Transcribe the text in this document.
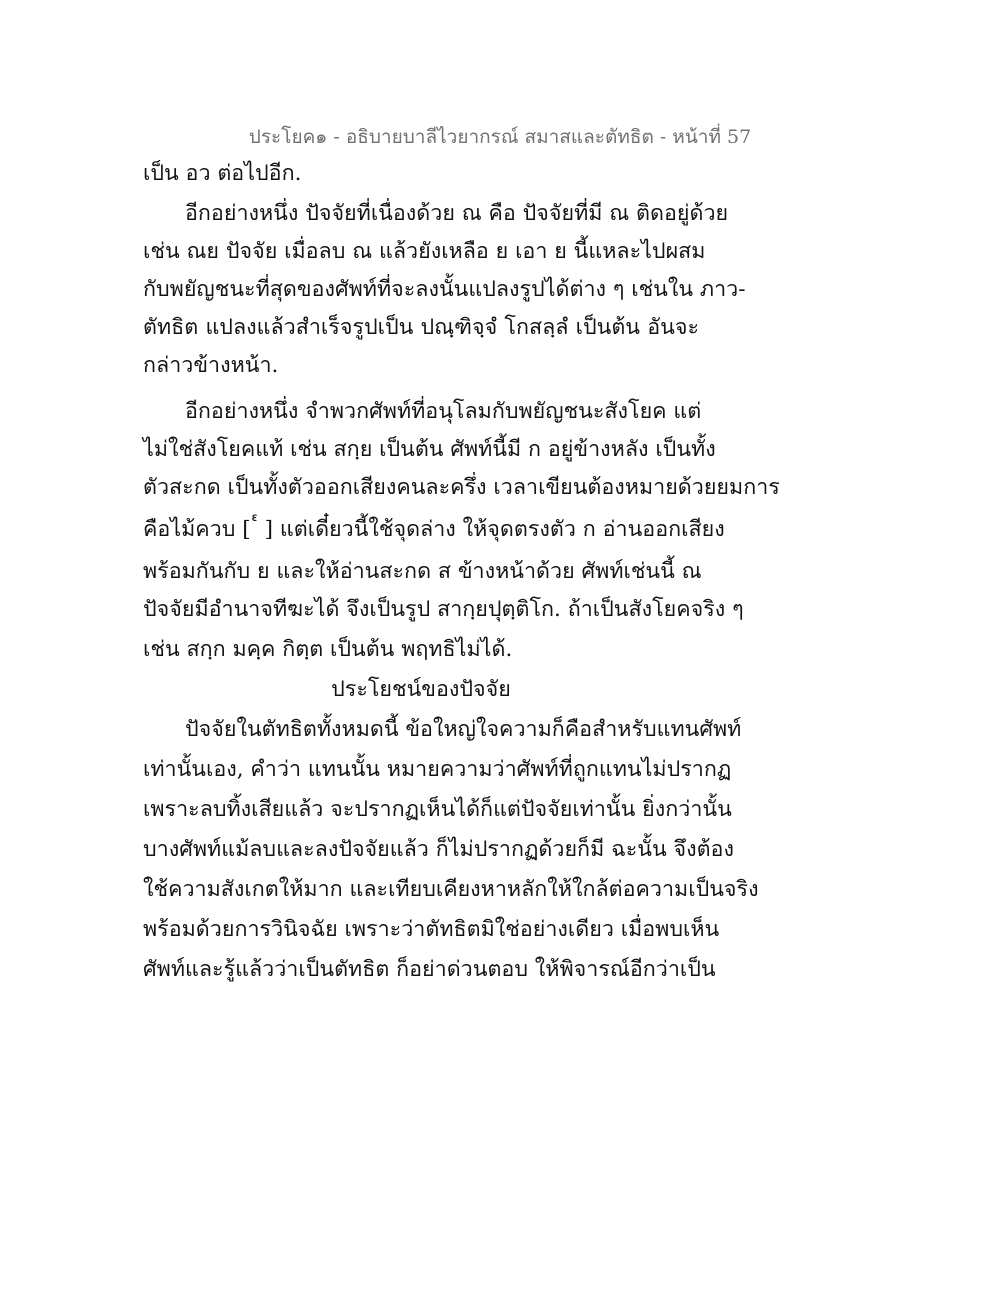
ประโยค๑ - อธิบายบาลีไวยากรณ์ สมาสและตัทธิต - หน้าที่ 57
เป็น อว ต่อไปอีก.
อีกอย่างหนึ่ง ปัจจัยที่เนื่องด้วย ณ คือ ปัจจัยที่มี ณ ติดอยู่ด้วย
เช่น ณย ปัจจัย เมื่อลบ ณ แล้วยังเหลือ ย เอา ย นี้แหละไปผสม
กับพยัญชนะที่สุดของศัพท์ที่จะลงนั้นแปลงรูปได้ต่าง ๆ เช่นใน ภาว-
ตัทธิต แปลงแล้วสำเร็จรูปเป็น ปณฺฑิจฺจํ โกสลฺลํ เป็นต้น อันจะ
กล่าวข้างหน้า.
อีกอย่างหนึ่ง จำพวกศัพท์ที่อนุโลมกับพยัญชนะสังโยค แต่
ไม่ใช่สังโยคแท้ เช่น สกฺย เป็นต้น ศัพท์นี้มี ก อยู่ข้างหลัง เป็นทั้ง
ตัวสะกด เป็นทั้งตัวออกเสียงคนละครึ่ง เวลาเขียนต้องหมายด้วยยมการ
คือไม้ควบ [ ๎ ] แต่เดี๋ยวนี้ใช้จุดล่าง ให้จุดตรงตัว ก อ่านออกเสียง
พร้อมกันกับ ย และให้อ่านสะกด ส ข้างหน้าด้วย ศัพท์เช่นนี้ ณ
ปัจจัยมีอำนาจทีฆะได้ จึงเป็นรูป สากฺยปุตฺติโก. ถ้าเป็นสังโยคจริง ๆ
เช่น สกฺก มคฺค กิตฺต เป็นต้น พฤทธิไม่ได้.
ประโยชน์ของปัจจัย
ปัจจัยในตัทธิตทั้งหมดนี้ ข้อใหญ่ใจความก็คือสำหรับแทนศัพท์
เท่านั้นเอง, คำว่า แทนนั้น หมายความว่าศัพท์ที่ถูกแทนไม่ปรากฏ
เพราะลบทิ้งเสียแล้ว จะปรากฏเห็นได้ก็แต่ปัจจัยเท่านั้น ยิ่งกว่านั้น
บางศัพท์แม้ลบและลงปัจจัยแล้ว ก็ไม่ปรากฏด้วยก็มี ฉะนั้น จึงต้อง
ใช้ความสังเกตให้มาก และเทียบเคียงหาหลักให้ใกล้ต่อความเป็นจริง
พร้อมด้วยการวินิจฉัย เพราะว่าตัทธิตมิใช่อย่างเดียว เมื่อพบเห็น
ศัพท์และรู้แล้วว่าเป็นตัทธิต ก็อย่าด่วนตอบ ให้พิจารณ์อีกว่าเป็น
